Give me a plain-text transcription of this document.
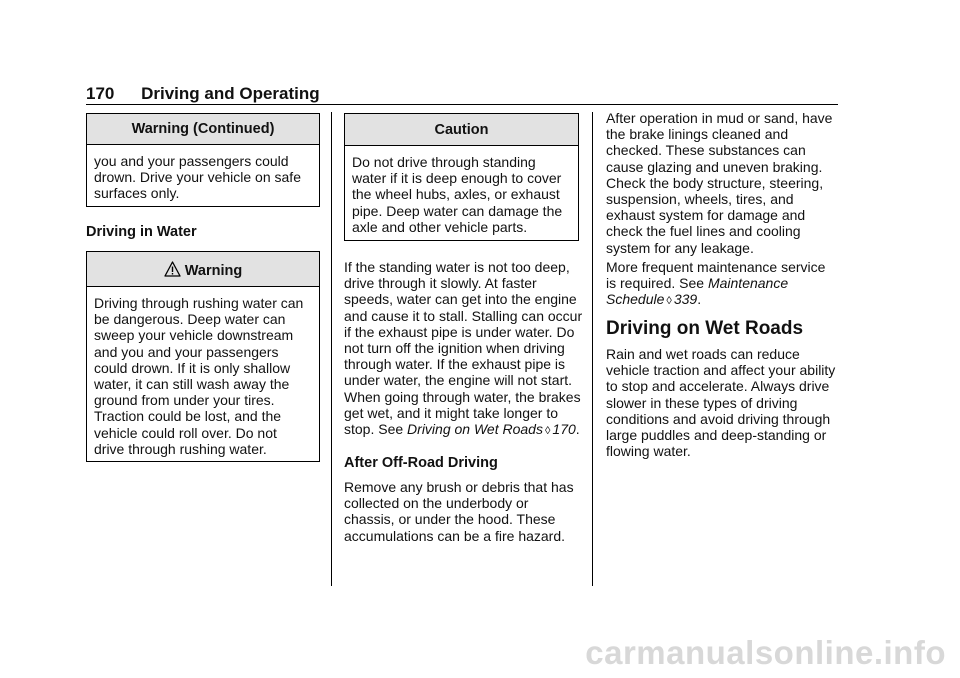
170 Driving and Operating
Warning (Continued)
you and your passengers could drown. Drive your vehicle on safe surfaces only.
Driving in Water
Warning
Driving through rushing water can be dangerous. Deep water can sweep your vehicle downstream and you and your passengers could drown. If it is only shallow water, it can still wash away the ground from under your tires. Traction could be lost, and the vehicle could roll over. Do not drive through rushing water.
Caution
Do not drive through standing water if it is deep enough to cover the wheel hubs, axles, or exhaust pipe. Deep water can damage the axle and other vehicle parts.
If the standing water is not too deep, drive through it slowly. At faster speeds, water can get into the engine and cause it to stall. Stalling can occur if the exhaust pipe is under water. Do not turn off the ignition when driving through water. If the exhaust pipe is under water, the engine will not start. When going through water, the brakes get wet, and it might take longer to stop. See Driving on Wet Roads ◊ 170.
After Off-Road Driving
Remove any brush or debris that has collected on the underbody or chassis, or under the hood. These accumulations can be a fire hazard.
After operation in mud or sand, have the brake linings cleaned and checked. These substances can cause glazing and uneven braking. Check the body structure, steering, suspension, wheels, tires, and exhaust system for damage and check the fuel lines and cooling system for any leakage.
More frequent maintenance service is required. See Maintenance Schedule ◊ 339.
Driving on Wet Roads
Rain and wet roads can reduce vehicle traction and affect your ability to stop and accelerate. Always drive slower in these types of driving conditions and avoid driving through large puddles and deep-standing or flowing water.
carmanualsonline.info
